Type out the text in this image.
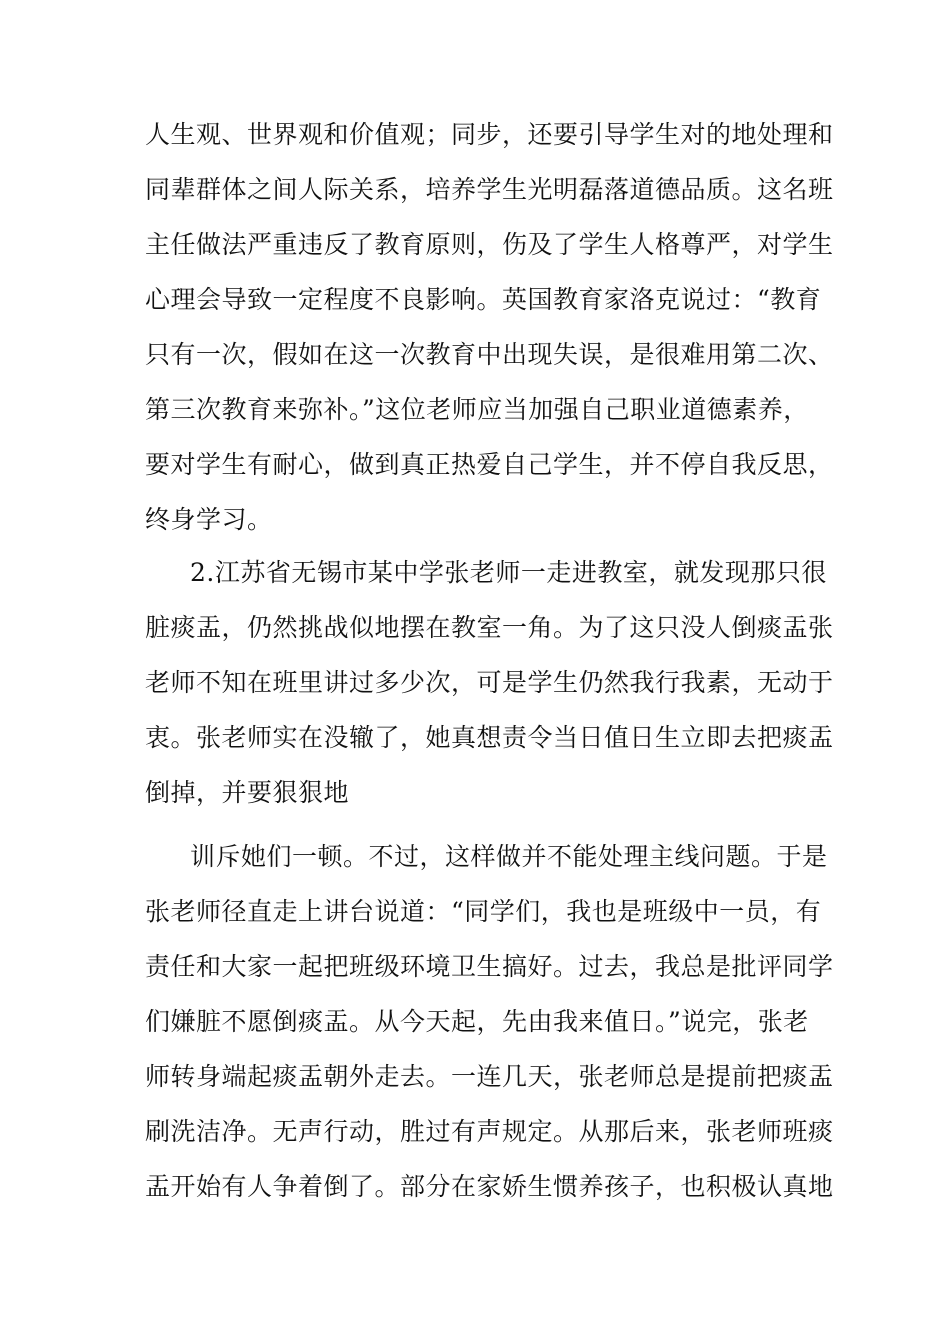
人生观、世界观和价值观；同步，还要引导学生对的地处理和

同辈群体之间人际关系，培养学生光明磊落道德品质。这名班

主任做法严重违反了教育原则，伤及了学生人格尊严，对学生

心理会导致一定程度不良影响。英国教育家洛克说过：“教育

只有一次，假如在这一次教育中出现失误，是很难用第二次、

第三次教育来弥补。”这位老师应当加强自己职业道德素养，

要对学生有耐心，做到真正热爱自己学生，并不停自我反思，

终身学习。

2.江苏省无锡市某中学张老师一走进教室，就发现那只很

脏痰盂，仍然挑战似地摆在教室一角。为了这只没人倒痰盂张

老师不知在班里讲过多少次，可是学生仍然我行我素，无动于

衷。张老师实在没辙了，她真想责令当日值日生立即去把痰盂

倒掉，并要狠狠地

训斥她们一顿。不过，这样做并不能处理主线问题。于是

张老师径直走上讲台说道：“同学们，我也是班级中一员，有

责任和大家一起把班级环境卫生搞好。过去，我总是批评同学

们嫌脏不愿倒痰盂。从今天起，先由我来值日。”说完，张老

师转身端起痰盂朝外走去。一连几天，张老师总是提前把痰盂

刷洗洁净。无声行动，胜过有声规定。从那后来，张老师班痰

盂开始有人争着倒了。部分在家娇生惯养孩子，也积极认真地
